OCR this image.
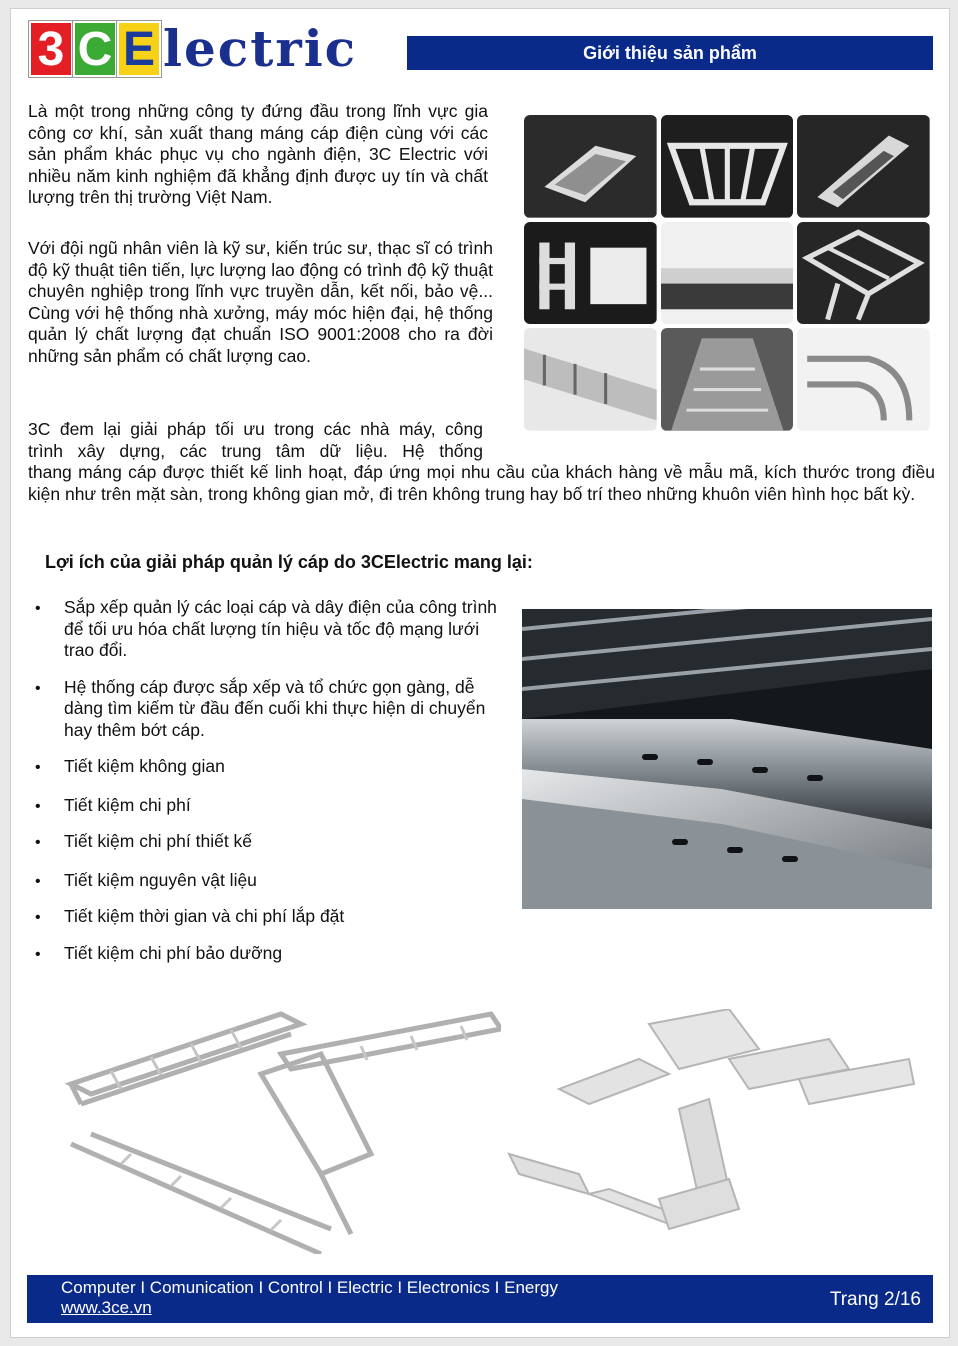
3 C E lectric	Giới thiệu sản phẩm

Là một trong những công ty đứng đầu trong lĩnh vực gia công cơ khí, sản xuất thang máng cáp điện cùng với các sản phẩm khác phục vụ cho ngành điện, 3C Electric với nhiều năm kinh nghiệm đã khẳng định được uy tín và chất lượng trên thị trường Việt Nam.

Với đội ngũ nhân viên là kỹ sư, kiến trúc sư, thạc sĩ có trình độ kỹ thuật tiên tiến, lực lượng lao động có trình độ kỹ thuật chuyên nghiệp trong lĩnh vực truyền dẫn, kết nối, bảo vệ... Cùng với hệ thống nhà xưởng, máy móc hiện đại, hệ thống quản lý chất lượng đạt chuẩn ISO 9001:2008 cho ra đời những sản phẩm có chất lượng cao.

3C đem lại giải pháp tối ưu trong các nhà máy, công
trình xây dựng, các trung tâm dữ liệu. Hệ thống
thang máng cáp được thiết kế linh hoạt, đáp ứng mọi nhu cầu của khách hàng về mẫu mã, kích thước trong điều kiện như trên mặt sàn, trong không gian mở, đi trên không trung hay bố trí theo những khuôn viên hình học bất kỳ.

Lợi ích của giải pháp quản lý cáp do 3CElectric mang lại:
• Sắp xếp quản lý các loại cáp và dây điện của công trình để tối ưu hóa chất lượng tín hiệu và tốc độ mạng lưới trao đổi.
• Hệ thống cáp được sắp xếp và tổ chức gọn gàng, dễ dàng tìm kiếm từ đầu đến cuối khi thực hiện di chuyển hay thêm bớt cáp.
• Tiết kiệm không gian
• Tiết kiệm chi phí
• Tiết kiệm chi phí thiết kế
• Tiết kiệm nguyên vật liệu
• Tiết kiệm thời gian và chi phí lắp đặt
• Tiết kiệm chi phí bảo dưỡng
Computer I Comunication I Control I Electric I Electronics I Energy
www.3ce.vn	Trang 2/16
